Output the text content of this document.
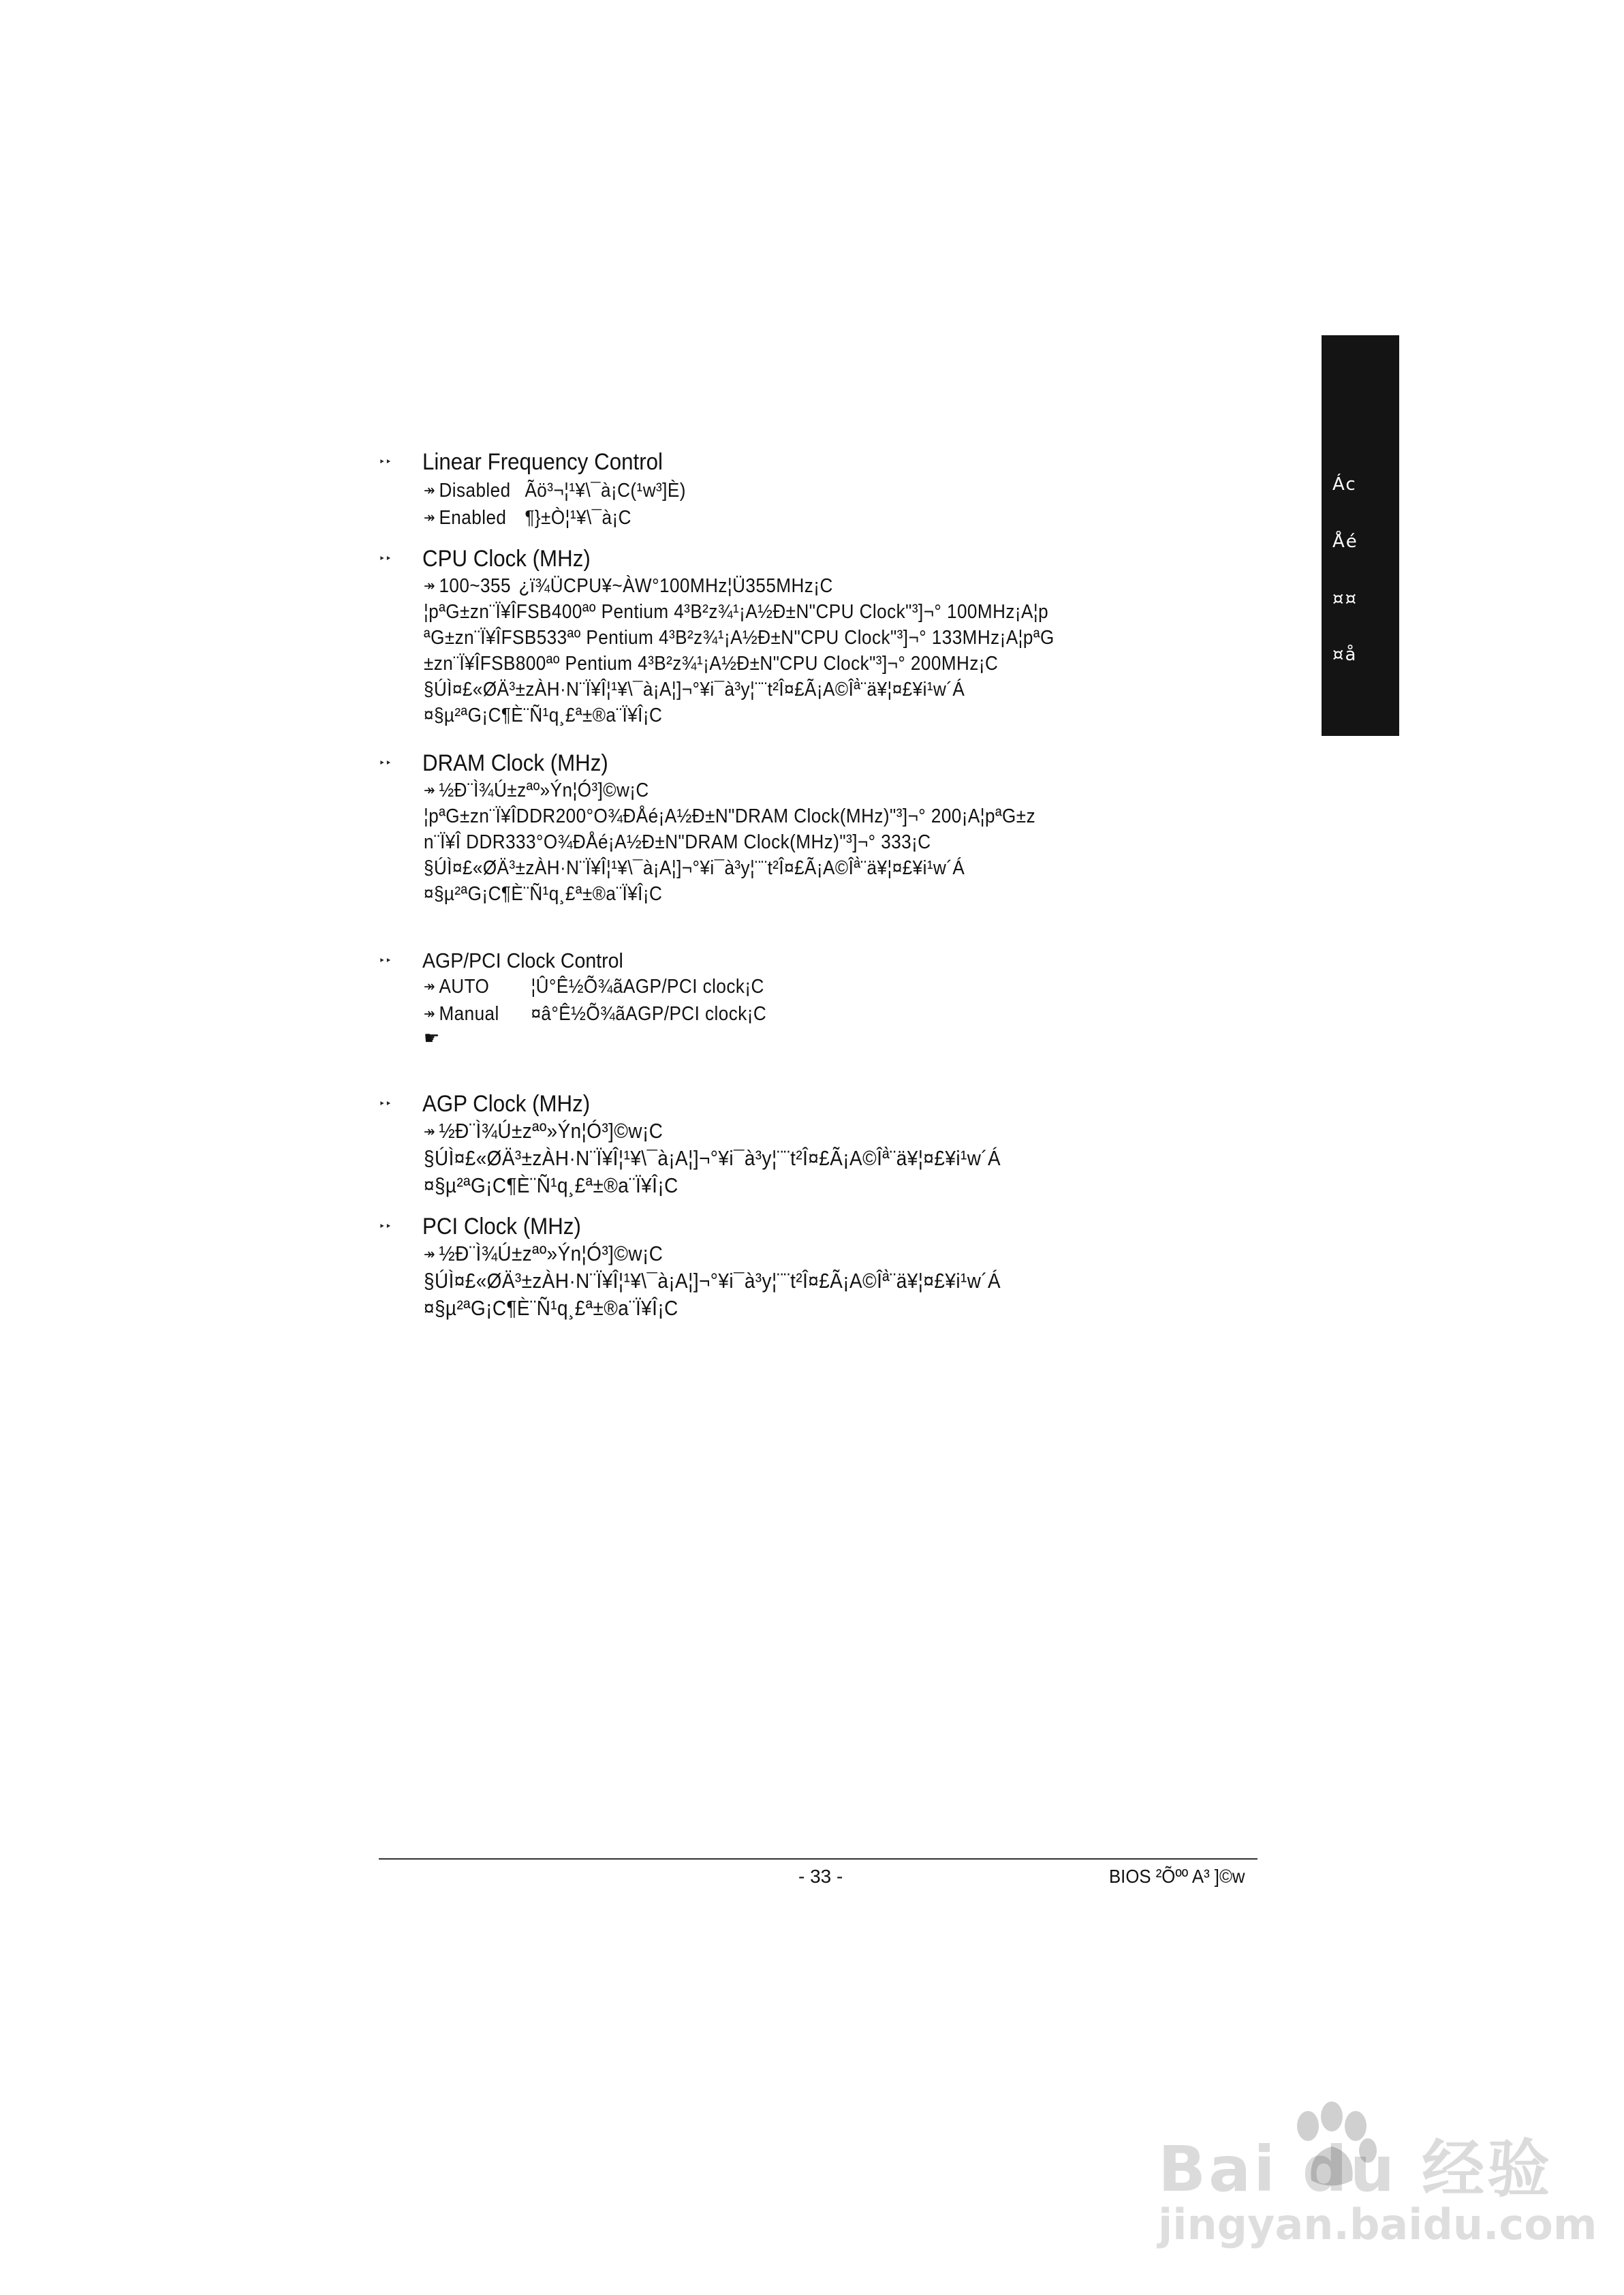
Ác
Åé
¤¤
¤å
‣‣ Linear Frequency Control
↠ Disabled Ãö³¬¦¹¥\¯à¡C(¹w³]È)
↠ Enabled ¶}±Ò¦¹¥\¯à¡C
‣‣ CPU Clock (MHz)
↠ 100~355 ¿ï¾ÜCPU¥~ÀW°100MHz¦Ü355MHz¡C
¦pªG±zn¨Ï¥ÎFSB400ªº Pentium 4³B²z¾¹¡A½Ð±N"CPU Clock"³]¬° 100MHz¡A¦p
ªG±zn¨Ï¥ÎFSB533ªº Pentium 4³B²z¾¹¡A½Ð±N"CPU Clock"³]¬° 133MHz¡A¦pªG
±zn¨Ï¥ÎFSB800ªº Pentium 4³B²z¾¹¡A½Ð±N"CPU Clock"³]¬° 200MHz¡C
§ÚÌ¤£«ØÄ³±zÀH·N¨Ï¥Î¦¹¥\¯à¡A¦]¬°¥i¯à³y¦¨¨t²Î¤£Ã¡A©Îª̀¨ä¥¦¤£¥i¹w´Á
¤§µ²ªG¡C¶È¨Ñ¹q¸£ª±®a¨Ï¥Î¡C
‣‣ DRAM Clock (MHz)
↠ ½Ð¨Ì¾Ú±zªº»Ýn¦Ó³]©w¡C
¦pªG±zn¨Ï¥ÎDDR200°O¾ÐÅé¡A½Ð±N"DRAM Clock(MHz)"³]¬° 200¡A¦pªG±z
n¨Ï¥Î DDR333°O¾ÐÅé¡A½Ð±N"DRAM Clock(MHz)"³]¬° 333¡C
§ÚÌ¤£«ØÄ³±zÀH·N¨Ï¥Î¦¹¥\¯à¡A¦]¬°¥i¯à³y¦¨¨t²Î¤£Ã¡A©Îª̀¨ä¥¦¤£¥i¹w´Á
¤§µ²ªG¡C¶È¨Ñ¹q¸£ª±®a¨Ï¥Î¡C
‣‣ AGP/PCI Clock Control
↠ AUTO ¦Û°Ê½Õ¾ãAGP/PCI clock¡C
↠ Manual ¤â°Ê½Õ¾ãAGP/PCI clock¡C
☛
‣‣ AGP Clock (MHz)
↠ ½Ð¨Ì¾Ú±zªº»Ýn¦Ó³]©w¡C
§ÚÌ¤£«ØÄ³±zÀH·N¨Ï¥Î¦¹¥\¯à¡A¦]¬°¥i¯à³y¦¨¨t²Î¤£Ã¡A©Îª̀¨ä¥¦¤£¥i¹w´Á
¤§µ²ªG¡C¶È¨Ñ¹q¸£ª±®a¨Ï¥Î¡C
‣‣ PCI Clock (MHz)
↠ ½Ð¨Ì¾Ú±zªº»Ýn¦Ó³]©w¡C
§ÚÌ¤£«ØÄ³±zÀH·N¨Ï¥Î¦¹¥\¯à¡A¦]¬°¥i¯à³y¦¨¨t²Î¤£Ã¡A©Îª̀¨ä¥¦¤£¥i¹w´Á
¤§µ²ªG¡C¶È¨Ñ¹q¸£ª±®a¨Ï¥Î¡C
- 33 -	BIOS ²Õºº A³ ]©w
Bai du 经验
jingyan.baidu.com
